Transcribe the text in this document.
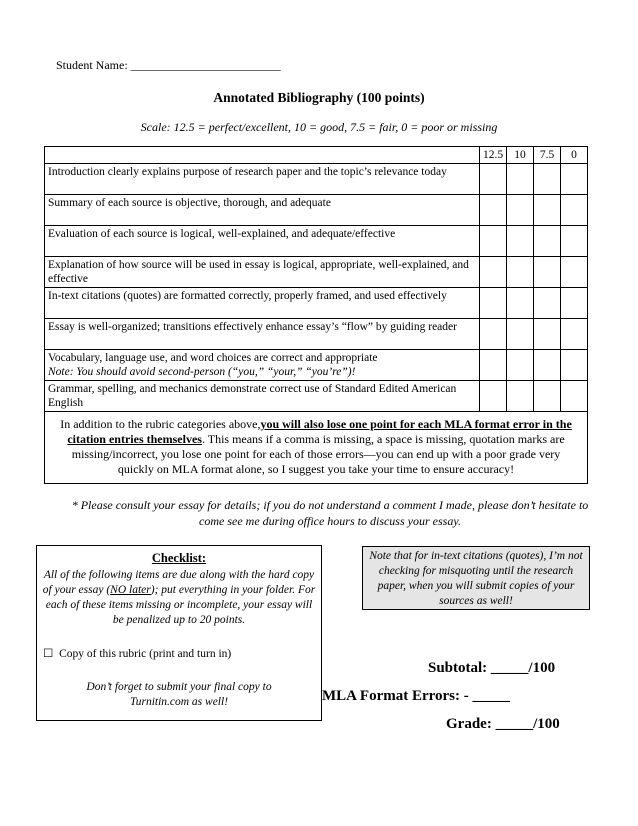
Student Name: _________________________
Annotated Bibliography (100 points)
Scale: 12.5 = perfect/excellent, 10 = good, 7.5 = fair, 0 = poor or missing
	12.5	10	7.5	0
Introduction clearly explains purpose of research paper and the topic’s relevance today				
Summary of each source is objective, thorough, and adequate				
Evaluation of each source is logical, well-explained, and adequate/effective				
Explanation of how source will be used in essay is logical, appropriate, well-explained, and effective				
In-text citations (quotes) are formatted correctly, properly framed, and used effectively				
Essay is well-organized; transitions effectively enhance essay’s “flow” by guiding reader				

Vocabulary, language use, and word choices are correct and appropriate
Note: You should avoid second-person (“you,” “your,” “you’re”)!				

Grammar, spelling, and mechanics demonstrate correct use of Standard Edited American English				
In addition to the rubric categories above,you will also lose one point for each MLA format error in the citation entries themselves. This means if a comma is missing, a space is missing, quotation marks are missing/incorrect, you lose one point for each of those errors—you can end up with a poor grade very quickly on MLA format alone, so I suggest you take your time to ensure accuracy!				
* Please consult your essay for details; if you do not understand a comment I made, please don’t hesitate to come see me during office hours to discuss your essay.
Checklist:
All of the following items are due along with the hard copy of your essay (NO later); put everything in your folder. For each of these items missing or incomplete, your essay will be penalized up to 20 points.
☐ Copy of this rubric (print and turn in)
Don’t forget to submit your final copy to Turnitin.com as well!
Note that for in-text citations (quotes), I’m not checking for misquoting until the research paper, when you will submit copies of your sources as well!
Subtotal: _____/100
MLA Format Errors: - _____
Grade: _____/100
